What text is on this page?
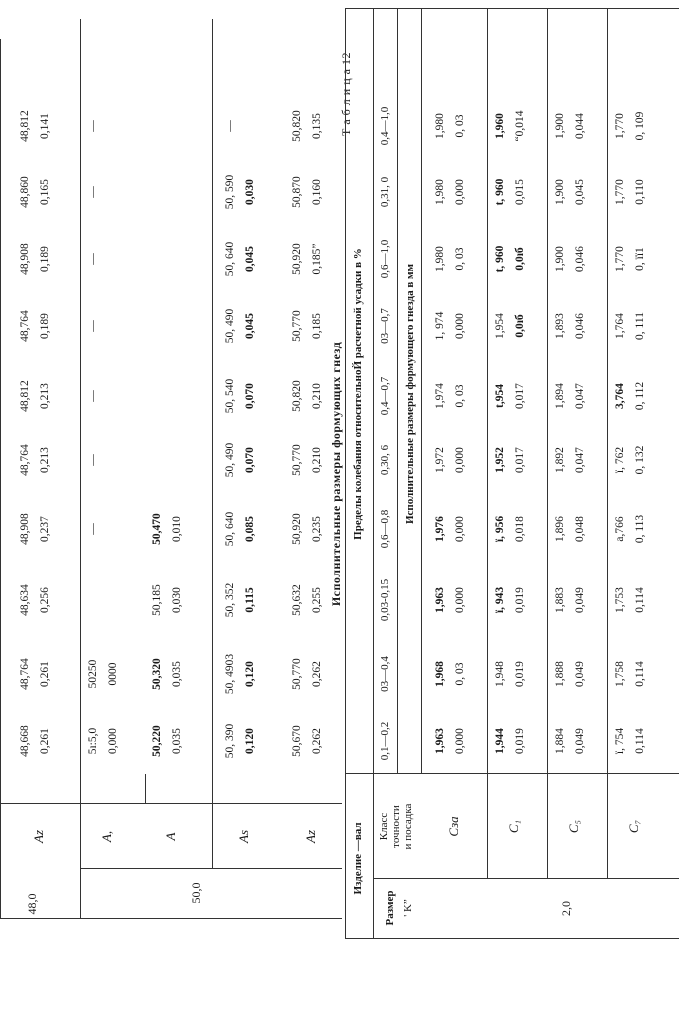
48,0
50,0
Az
48,668 0,261
48,764 0,261
48,634 0,256
48,908 0,237
48,764 0,213
48,812 0,213
48,764 0,189
48,908 0,189
48,860 0,165
48,812 0,141
A,
5ı:5,0 0,000
50250 0000
—
—
—
—
—
—
—
A
50,220 0,035
50,320 0,035
50,185 0,030
50,470 0,010
As
50, 390 0,120
50, 4903 0,120
50, 352 0,115
50, 640 0,085
50, 490 0,070
50, 540 0,070
50, 490 0,045
50, 640 0,045
50, 590 0,030
—
Az
50,670 0,262
50,770 0,262
50,632 0,255
50,920 0,235
50,770 0,210
50,820 0,210
50,770 0,185
50,920 0,185”
50,870 0,160
50,820 0,135 Т а б л и ц а 12
Исполнительные размеры формующих гнезд
Изделие —вал
Размер ' Κ”
Класс
точности
и посадка
Пределы колебания относительноЙ расчетной усадки в %	Исполнительные размеры формующего гнезда в мм
0,1—0,2
03—0,4
0,03-0,15
0,6—0,8
0,30, 6
0,4—0,7
03—0,7
0,6—1,0
0,31, 0
0,4—1,0
2,0
Сза
1,963 0,000
1,968 0, 03
1,963 0,000
1,976 0,000
1,972 0,000
1,974 0, 03
1, 974 0,000
1,980 0, 03
1,980 0,000
1,980 0, 03
С₁
1,944 0,019
1,948 0,019
ï, 943 0,019
ï, 956 0,018
1,952 0,017
t,954 0,017
1,954 0,0ıб
t, 960 0,0ıб
t, 960 0,015
1,960 “0,014
С₅
1,884 0,049
1,888 0,049
1,883 0,049
1,896 0,048
1,892 0,047
1,894 0,047
1,893 0,046
1,900 0,046
1,900 0,045
1,900 0,044
С₇
ï, 754 0,114
1,758 0,114
1,753 0,114
а,766 0, 113
ï, 762 0, 132
3,764 0, 112
1,764 0, 111
1,770 0, ïï1
1,770 0,110
1,770 0, 109
